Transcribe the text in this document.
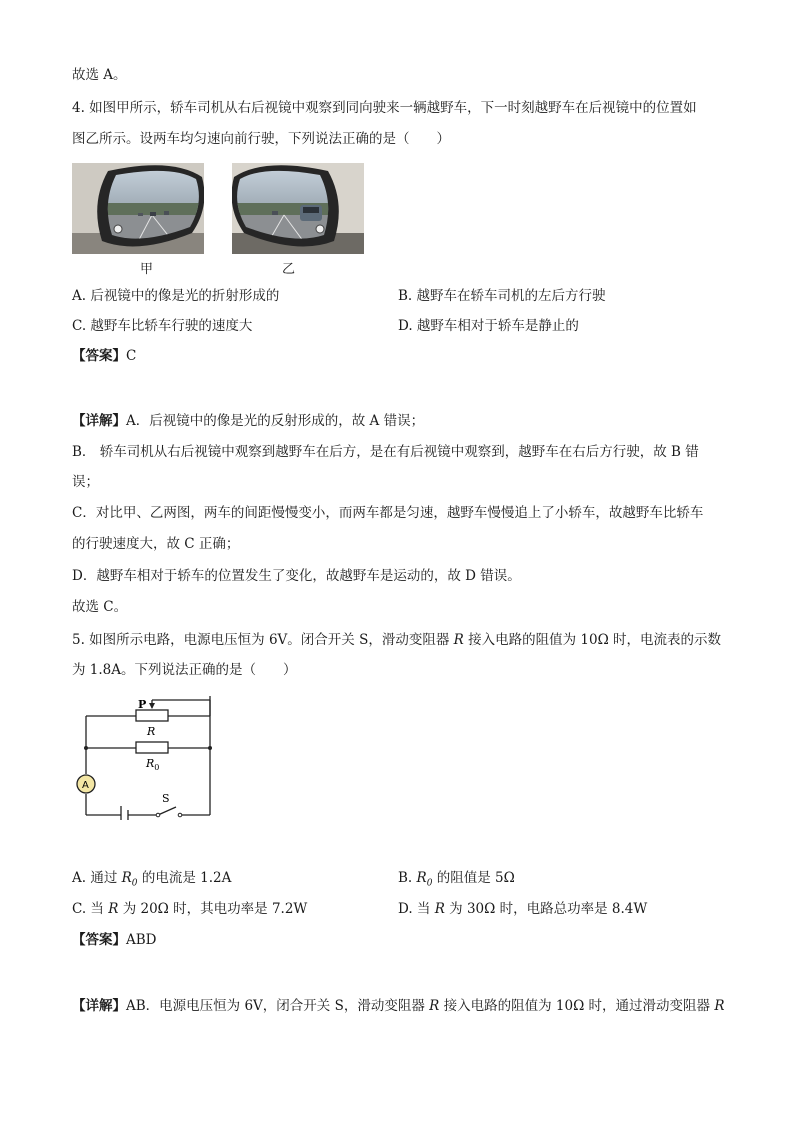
故选 A。
4. 如图甲所示，轿车司机从右后视镜中观察到同向驶来一辆越野车，下一时刻越野车在后视镜中的位置如
图乙所示。设两车均匀速向前行驶，下列说法正确的是（　　）
甲	乙
A. 后视镜中的像是光的折射形成的	B. 越野车在轿车司机的左后方行驶
C. 越野车比轿车行驶的速度大	D. 越野车相对于轿车是静止的
【答案】C
【详解】A．后视镜中的像是光的反射形成的，故 A 错误；
B． 轿车司机从右后视镜中观察到越野车在后方，是在有后视镜中观察到，越野车在右后方行驶，故 B 错
误；
C．对比甲、乙两图，两车的间距慢慢变小，而两车都是匀速，越野车慢慢追上了小轿车，故越野车比轿车
的行驶速度大，故 C 正确；
D．越野车相对于轿车的位置发生了变化，故越野车是运动的，故 D 错误。
故选 C。
5. 如图所示电路，电源电压恒为 6V。闭合开关 S，滑动变阻器 R 接入电路的阻值为 10Ω 时，电流表的示数
为 1.8A。下列说法正确的是（　　）
P
R
$R_0$
A
S
A. 通过 $R_0$ 的电流是 1.2A	B. $R_0$ 的阻值是 5Ω
C. 当 R 为 20Ω 时，其电功率是 7.2W	D. 当 R 为 30Ω 时，电路总功率是 8.4W
【答案】ABD
【详解】AB．电源电压恒为 6V，闭合开关 S，滑动变阻器 R 接入电路的阻值为 10Ω 时，通过滑动变阻器 R
